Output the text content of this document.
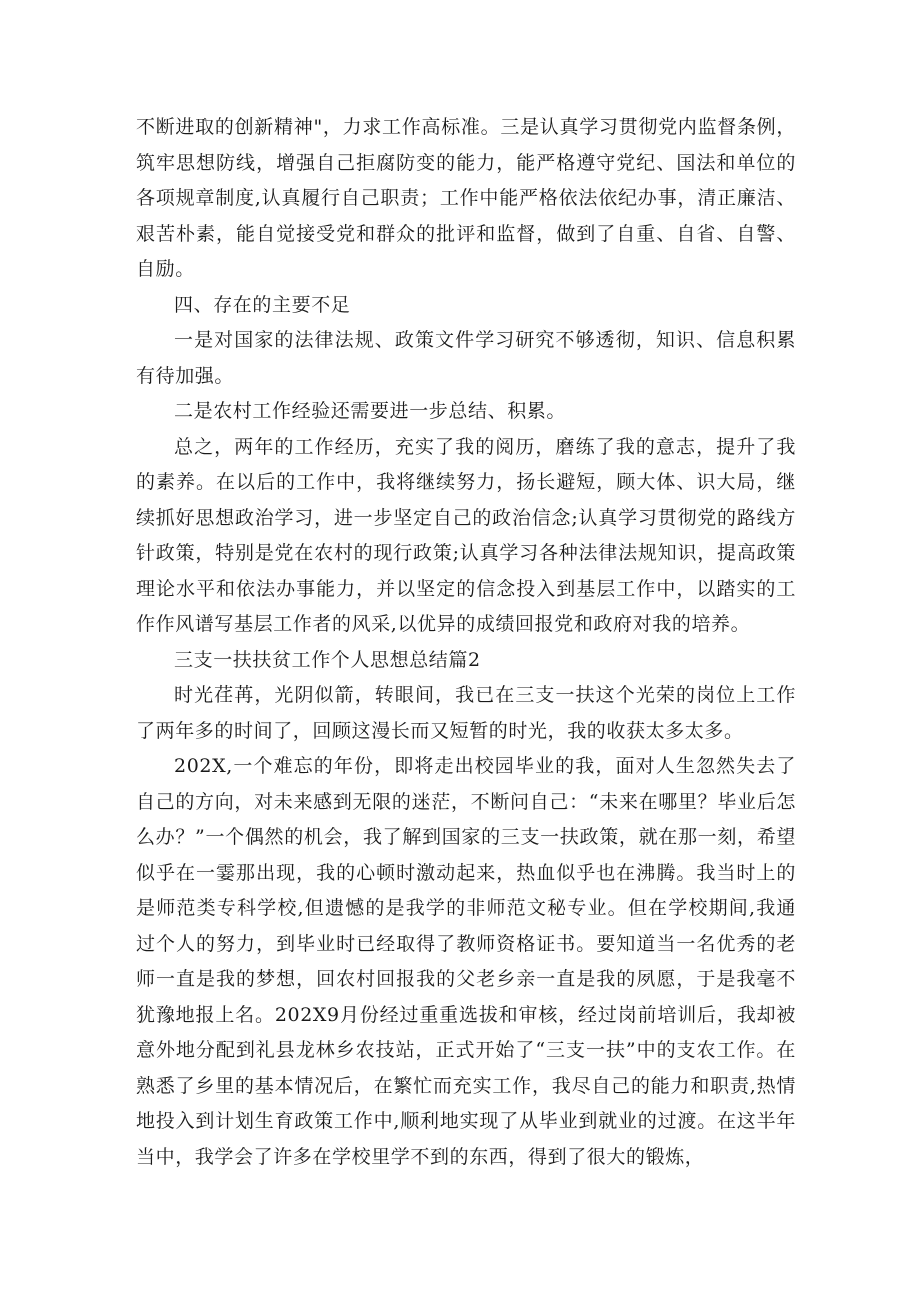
不断进取的创新精神"，力求工作高标准。三是认真学习贯彻党内监督条例，筑牢思想防线，增强自己拒腐防变的能力，能严格遵守党纪、国法和单位的各项规章制度,认真履行自己职责；工作中能严格依法依纪办事，清正廉洁、艰苦朴素，能自觉接受党和群众的批评和监督，做到了自重、自省、自警、自励。

四、存在的主要不足

一是对国家的法律法规、政策文件学习研究不够透彻，知识、信息积累有待加强。

二是农村工作经验还需要进一步总结、积累。

总之，两年的工作经历，充实了我的阅历，磨练了我的意志，提升了我的素养。在以后的工作中，我将继续努力，扬长避短，顾大体、识大局，继续抓好思想政治学习，进一步坚定自己的政治信念;认真学习贯彻党的路线方针政策，特别是党在农村的现行政策;认真学习各种法律法规知识，提高政策理论水平和依法办事能力，并以坚定的信念投入到基层工作中，以踏实的工作作风谱写基层工作者的风采,以优异的成绩回报党和政府对我的培养。

三支一扶扶贫工作个人思想总结篇2

时光荏苒，光阴似箭，转眼间，我已在三支一扶这个光荣的岗位上工作了两年多的时间了，回顾这漫长而又短暂的时光，我的收获太多太多。

202X,一个难忘的年份，即将走出校园毕业的我，面对人生忽然失去了自己的方向，对未来感到无限的迷茫，不断问自己：“未来在哪里？毕业后怎么办？”一个偶然的机会，我了解到国家的三支一扶政策，就在那一刻，希望似乎在一霎那出现，我的心顿时激动起来，热血似乎也在沸腾。我当时上的是师范类专科学校,但遗憾的是我学的非师范文秘专业。但在学校期间,我通过个人的努力，到毕业时已经取得了教师资格证书。要知道当一名优秀的老师一直是我的梦想，回农村回报我的父老乡亲一直是我的夙愿，于是我毫不犹豫地报上名。202X9月份经过重重选拔和审核，经过岗前培训后，我却被意外地分配到礼县龙林乡农技站，正式开始了“三支一扶”中的支农工作。在熟悉了乡里的基本情况后，在繁忙而充实工作，我尽自己的能力和职责,热情地投入到计划生育政策工作中,顺利地实现了从毕业到就业的过渡。在这半年当中，我学会了许多在学校里学不到的东西，得到了很大的锻炼，
